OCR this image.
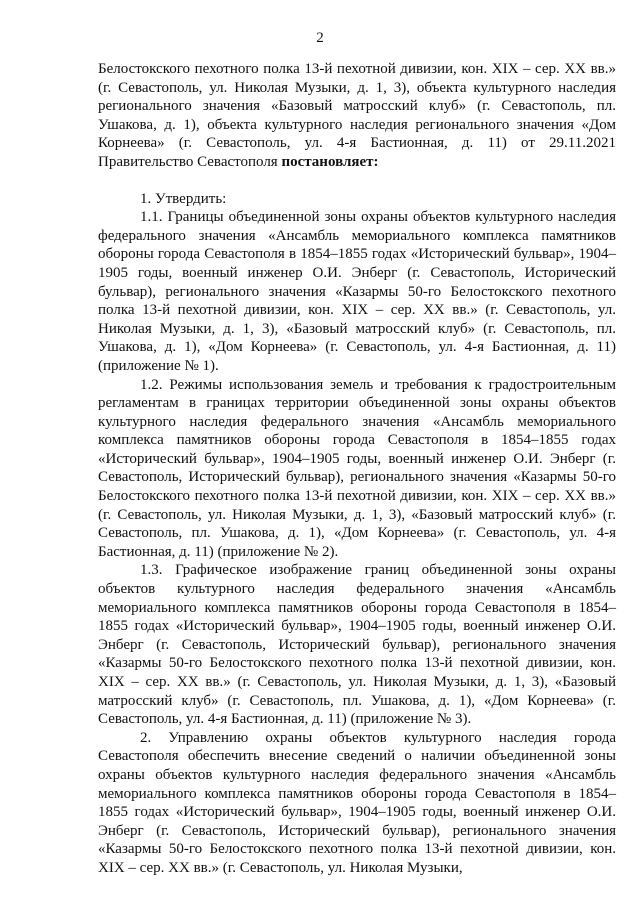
2

Белостокского пехотного полка 13-й пехотной дивизии, кон. XIX – сер. XX вв.» (г. Севастополь, ул. Николая Музыки, д. 1, 3), объекта культурного наследия регионального значения «Базовый матросский клуб» (г. Севастополь, пл. Ушакова, д. 1), объекта культурного наследия регионального значения «Дом Корнеева» (г. Севастополь, ул. 4-я Бастионная, д. 11) от 29.11.2021 Правительство Севастополя постановляет:

1. Утвердить:

1.1. Границы объединенной зоны охраны объектов культурного наследия федерального значения «Ансамбль мемориального комплекса памятников обороны города Севастополя в 1854–1855 годах «Исторический бульвар», 1904–1905 годы, военный инженер О.И. Энберг (г. Севастополь, Исторический бульвар), регионального значения «Казармы 50-го Белостокского пехотного полка 13-й пехотной дивизии, кон. XIX – сер. XX вв.» (г. Севастополь, ул. Николая Музыки, д. 1, 3), «Базовый матросский клуб» (г. Севастополь, пл. Ушакова, д. 1), «Дом Корнеева» (г. Севастополь, ул. 4-я Бастионная, д. 11) (приложение № 1).

1.2. Режимы использования земель и требования к градостроительным регламентам в границах территории объединенной зоны охраны объектов культурного наследия федерального значения «Ансамбль мемориального комплекса памятников обороны города Севастополя в 1854–1855 годах «Исторический бульвар», 1904–1905 годы, военный инженер О.И. Энберг (г. Севастополь, Исторический бульвар), регионального значения «Казармы 50-го Белостокского пехотного полка 13-й пехотной дивизии, кон. XIX – сер. XX вв.» (г. Севастополь, ул. Николая Музыки, д. 1, 3), «Базовый матросский клуб» (г. Севастополь, пл. Ушакова, д. 1), «Дом Корнеева» (г. Севастополь, ул. 4-я Бастионная, д. 11) (приложение № 2).

1.3. Графическое изображение границ объединенной зоны охраны объектов культурного наследия федерального значения «Ансамбль мемориального комплекса памятников обороны города Севастополя в 1854–1855 годах «Исторический бульвар», 1904–1905 годы, военный инженер О.И. Энберг (г. Севастополь, Исторический бульвар), регионального значения «Казармы 50-го Белостокского пехотного полка 13-й пехотной дивизии, кон. XIX – сер. XX вв.» (г. Севастополь, ул. Николая Музыки, д. 1, 3), «Базовый матросский клуб» (г. Севастополь, пл. Ушакова, д. 1), «Дом Корнеева» (г. Севастополь, ул. 4-я Бастионная, д. 11) (приложение № 3).

2. Управлению охраны объектов культурного наследия города Севастополя обеспечить внесение сведений о наличии объединенной зоны охраны объектов культурного наследия федерального значения «Ансамбль мемориального комплекса памятников обороны города Севастополя в 1854–1855 годах «Исторический бульвар», 1904–1905 годы, военный инженер О.И. Энберг (г. Севастополь, Исторический бульвар), регионального значения «Казармы 50-го Белостокского пехотного полка 13-й пехотной дивизии, кон. XIX – сер. XX вв.» (г. Севастополь, ул. Николая Музыки,
